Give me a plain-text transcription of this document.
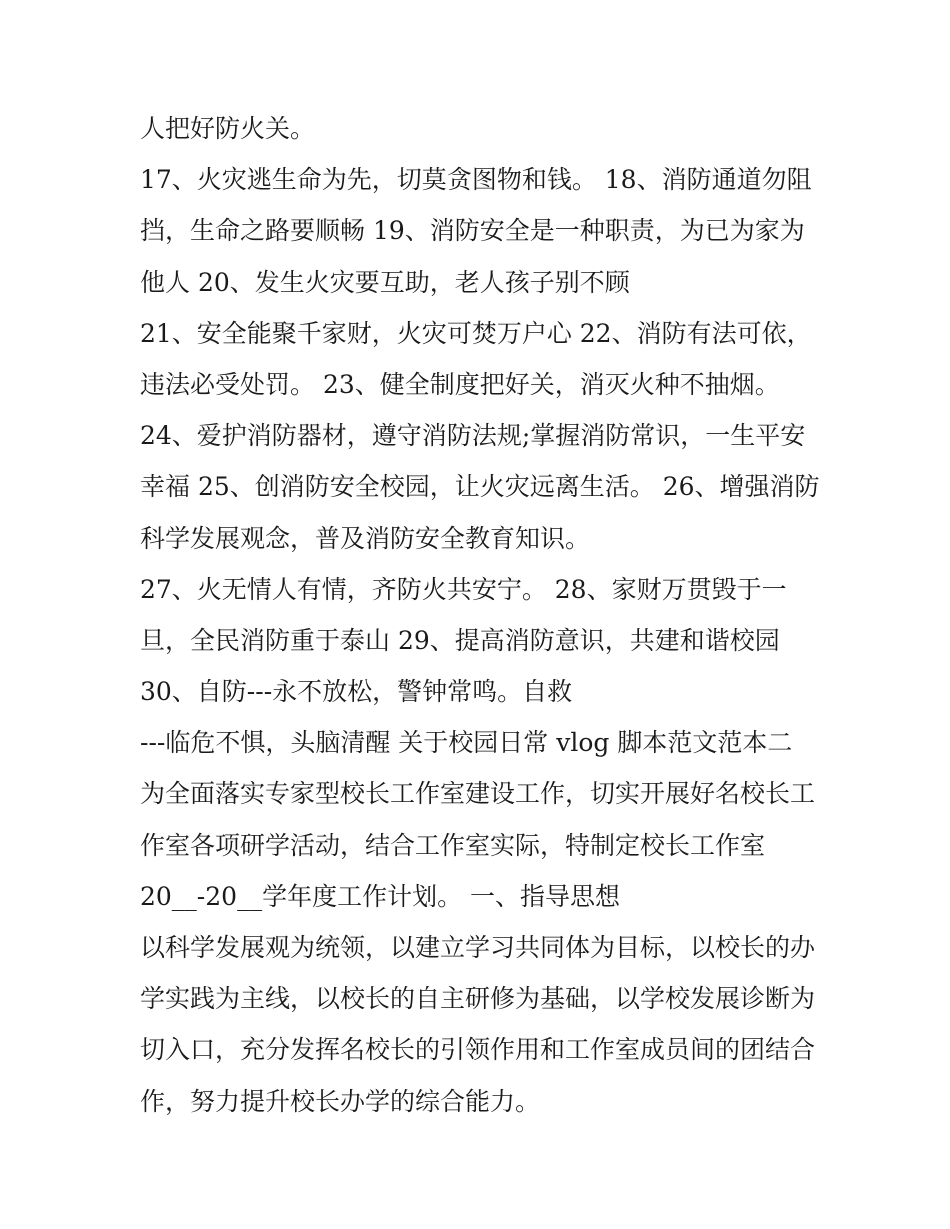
人把好防火关。
17、火灾逃生命为先，切莫贪图物和钱。 18、消防通道勿阻
挡，生命之路要顺畅 19、消防安全是一种职责，为已为家为
他人 20、发生火灾要互助，老人孩子别不顾
21、安全能聚千家财，火灾可焚万户心 22、消防有法可依，
违法必受处罚。 23、健全制度把好关，消灭火种不抽烟。
24、爱护消防器材，遵守消防法规;掌握消防常识，一生平安
幸福 25、创消防安全校园，让火灾远离生活。 26、增强消防
科学发展观念，普及消防安全教育知识。
27、火无情人有情，齐防火共安宁。 28、家财万贯毁于一
旦，全民消防重于泰山 29、提高消防意识，共建和谐校园
30、自防---永不放松，警钟常鸣。自救
---临危不惧，头脑清醒 关于校园日常 vlog 脚本范文范本二
为全面落实专家型校长工作室建设工作，切实开展好名校长工
作室各项研学活动，结合工作室实际，特制定校长工作室
20__-20__学年度工作计划。 一、指导思想
以科学发展观为统领，以建立学习共同体为目标，以校长的办
学实践为主线，以校长的自主研修为基础，以学校发展诊断为
切入口，充分发挥名校长的引领作用和工作室成员间的团结合
作，努力提升校长办学的综合能力。
